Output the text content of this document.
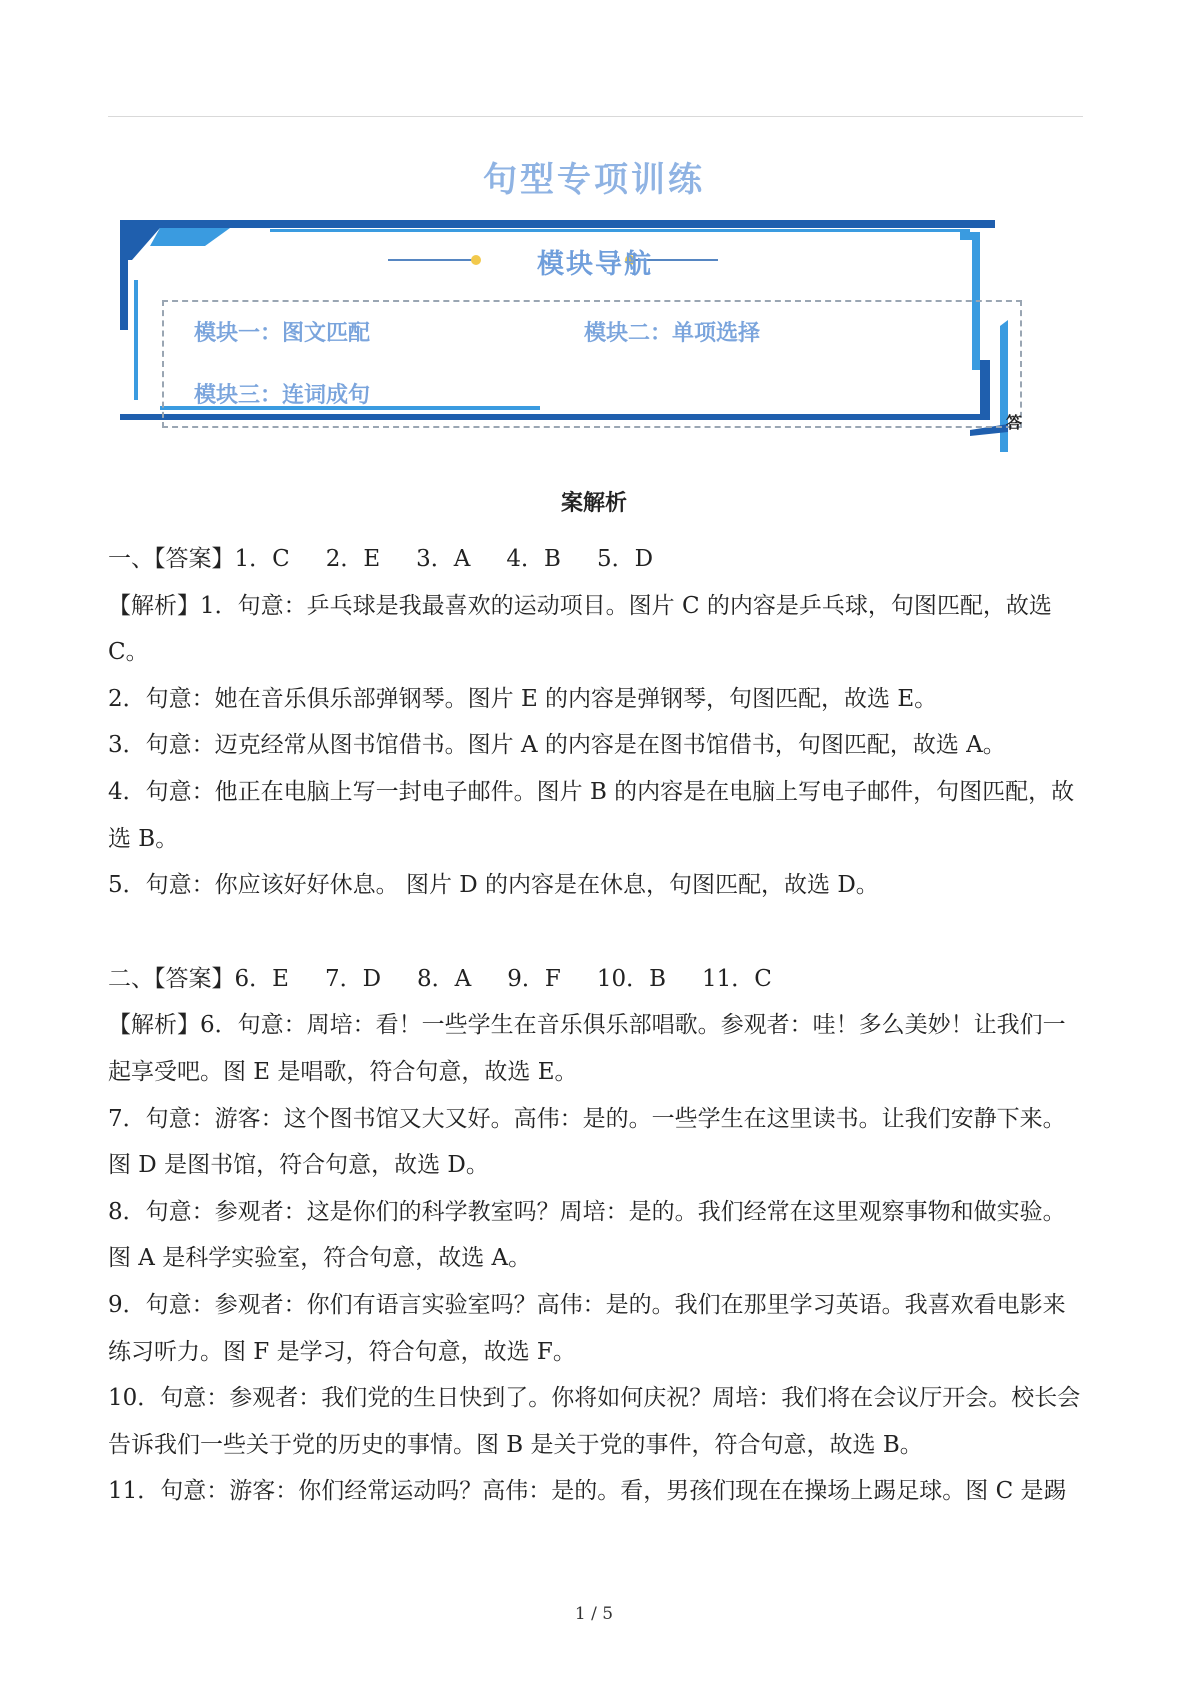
句型专项训练
模块导航
模块一：图文匹配	模块二：单项选择
模块三：连词成句
答
案解析

一、【答案】1．C 2．E 3．A 4．B 5．D

【解析】1．句意：乒乓球是我最喜欢的运动项目。图片 C 的内容是乒乓球，句图匹配，故选 C。

2．句意：她在音乐俱乐部弹钢琴。图片 E 的内容是弹钢琴，句图匹配，故选 E。

3．句意：迈克经常从图书馆借书。图片 A 的内容是在图书馆借书，句图匹配，故选 A。

4．句意：他正在电脑上写一封电子邮件。图片 B 的内容是在电脑上写电子邮件，句图匹配，故选 B。

5．句意：你应该好好休息。 图片 D 的内容是在休息，句图匹配，故选 D。

二、【答案】6．E 7．D 8．A 9．F 10．B 11．C

【解析】6．句意：周培：看！一些学生在音乐俱乐部唱歌。参观者：哇！多么美妙！让我们一起享受吧。图 E 是唱歌，符合句意，故选 E。

7．句意：游客：这个图书馆又大又好。高伟：是的。一些学生在这里读书。让我们安静下来。图 D 是图书馆，符合句意，故选 D。

8．句意：参观者：这是你们的科学教室吗？周培：是的。我们经常在这里观察事物和做实验。图 A 是科学实验室，符合句意，故选 A。

9．句意：参观者：你们有语言实验室吗？高伟：是的。我们在那里学习英语。我喜欢看电影来练习听力。图 F 是学习，符合句意，故选 F。

10．句意：参观者：我们党的生日快到了。你将如何庆祝？周培：我们将在会议厅开会。校长会告诉我们一些关于党的历史的事情。图 B 是关于党的事件，符合句意，故选 B。

11．句意：游客：你们经常运动吗？高伟：是的。看，男孩们现在在操场上踢足球。图 C 是踢

1 / 5
